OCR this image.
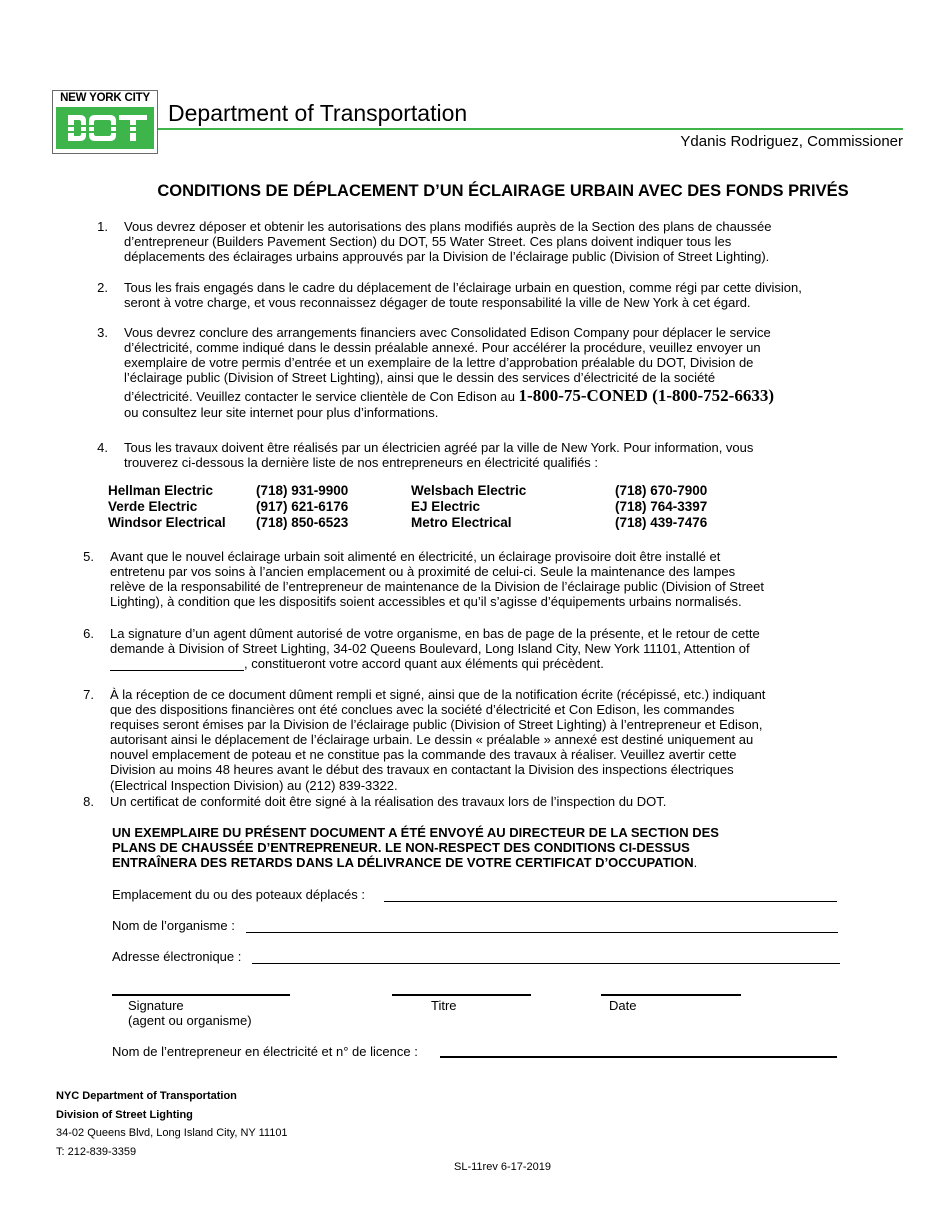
NEW YORK CITY
Department of Transportation
Ydanis Rodriguez, Commissioner
CONDITIONS DE DÉPLACEMENT D’UN ÉCLAIRAGE URBAIN AVEC DES FONDS PRIVÉS
1. Vous devrez déposer et obtenir les autorisations des plans modifiés auprès de la Section des plans de chaussée
d’entrepreneur (Builders Pavement Section) du DOT, 55 Water Street. Ces plans doivent indiquer tous les
déplacements des éclairages urbains approuvés par la Division de l’éclairage public (Division of Street Lighting).
2. Tous les frais engagés dans le cadre du déplacement de l’éclairage urbain en question, comme régi par cette division,
seront à votre charge, et vous reconnaissez dégager de toute responsabilité la ville de New York à cet égard.
3. Vous devrez conclure des arrangements financiers avec Consolidated Edison Company pour déplacer le service
d’électricité, comme indiqué dans le dessin préalable annexé. Pour accélérer la procédure, veuillez envoyer un
exemplaire de votre permis d’entrée et un exemplaire de la lettre d’approbation préalable du DOT, Division de
l’éclairage public (Division of Street Lighting), ainsi que le dessin des services d’électricité de la société
d’électricité. Veuillez contacter le service clientèle de Con Edison au 1-800-75-CONED (1-800-752-6633)
ou consultez leur site internet pour plus d’informations.
4. Tous les travaux doivent être réalisés par un électricien agréé par la ville de New York. Pour information, vous
trouverez ci-dessous la dernière liste de nos entrepreneurs en électricité qualifiés :
Hellman Electric	(718) 931-9900	Welsbach Electric	(718) 670-7900
Verde Electric	(917) 621-6176	EJ Electric	(718) 764-3397
Windsor Electrical	(718) 850-6523	Metro Electrical	(718) 439-7476
5. Avant que le nouvel éclairage urbain soit alimenté en électricité, un éclairage provisoire doit être installé et
entretenu par vos soins à l’ancien emplacement ou à proximité de celui-ci. Seule la maintenance des lampes
relève de la responsabilité de l’entrepreneur de maintenance de la Division de l’éclairage public (Division of Street
Lighting), à condition que les dispositifs soient accessibles et qu’il s’agisse d’équipements urbains normalisés.
6. La signature d’un agent dûment autorisé de votre organisme, en bas de page de la présente, et le retour de cette
demande à Division of Street Lighting, 34-02 Queens Boulevard, Long Island City, New York 11101, Attention of
, constitueront votre accord quant aux éléments qui précèdent.
7. À la réception de ce document dûment rempli et signé, ainsi que de la notification écrite (récépissé, etc.) indiquant
que des dispositions financières ont été conclues avec la société d’électricité et Con Edison, les commandes
requises seront émises par la Division de l’éclairage public (Division of Street Lighting) à l’entrepreneur et Edison,
autorisant ainsi le déplacement de l’éclairage urbain. Le dessin « préalable » annexé est destiné uniquement au
nouvel emplacement de poteau et ne constitue pas la commande des travaux à réaliser. Veuillez avertir cette
Division au moins 48 heures avant le début des travaux en contactant la Division des inspections électriques
(Electrical Inspection Division) au (212) 839-3322.
8. Un certificat de conformité doit être signé à la réalisation des travaux lors de l’inspection du DOT.
UN EXEMPLAIRE DU PRÉSENT DOCUMENT A ÉTÉ ENVOYÉ AU DIRECTEUR DE LA SECTION DES
PLANS DE CHAUSSÉE D’ENTREPRENEUR. LE NON-RESPECT DES CONDITIONS CI-DESSUS
ENTRAÎNERA DES RETARDS DANS LA DÉLIVRANCE DE VOTRE CERTIFICAT D’OCCUPATION.
Emplacement du ou des poteaux déplacés :
Nom de l’organisme :
Adresse électronique :
Signature
(agent ou organisme)
Titre	Date
Nom de l’entrepreneur en électricité et n° de licence :
NYC Department of Transportation
Division of Street Lighting
34-02 Queens Blvd, Long Island City, NY 11101
T: 212-839-3359
SL-11rev 6-17-2019
